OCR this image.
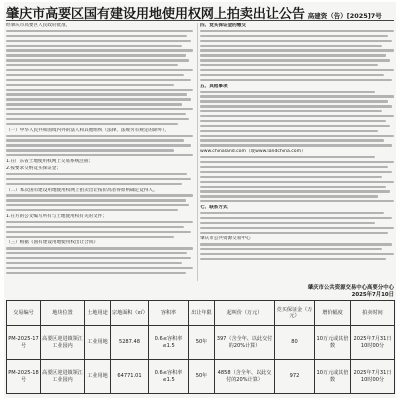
肇庆市高要区国有建设用地使用权网上拍卖出让公告 高建资（告）[2025]7号
经肇庆市高要区人民政府批准，
（一）中华人民共和国境内外的法人和其他组织（法律、法规另有规定的除外），
1.在广东省土地使用权网上交易系统注册；
2.按要求交纳竞买保证金；
（二）本次国有建设用地使用权网上拍卖出让按价高者得原则确定竞得人。
1.在方的公文编写所有与土地使用权有关的文件；
（三）根据《国有建设用地使用权出让合同》
四、竞买保证金的缴交
五、其他事项
www.chinaland.com（或www.landchina.com）
七、联系方式
肇庆市公共资源交易中心
肇庆市公共资源交易中心高要分中心
2025年7月10日
交易编号	地块位置	土地用途	宗地面积（㎡）	容积率	出让年限	起叫价（万元）	竞买保证金（万元）	增价幅度	拍卖时间
PM-2025-17号	高要区迎进镇领江工业园内	工业用地	5287.48	0.6≤容积率≤1.5	50年	397（含全年、以此交付的20%计算）	80	10万元或其倍数	2025年7月31日10时00分
PM-2025-18号	高要区迎进镇领江工业园内	工业用地	64771.01	0.6≤容积率≤1.5	50年	4858（含全年、以此交付的20%计算）	972	10万元或其倍数	2025年7月31日10时00分
